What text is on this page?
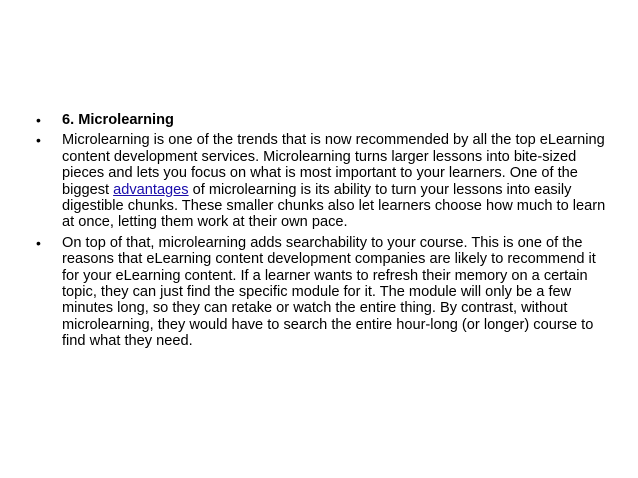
•	6. Microlearning
•	Microlearning is one of the trends that is now recommended by all the top eLearning content development services. Microlearning turns larger lessons into bite-sized pieces and lets you focus on what is most important to your learners. One of the biggest advantages of microlearning is its ability to turn your lessons into easily digestible chunks. These smaller chunks also let learners choose how much to learn at once, letting them work at their own pace.
•	On top of that, microlearning adds searchability to your course. This is one of the reasons that eLearning content development companies are likely to recommend it for your eLearning content. If a learner wants to refresh their memory on a certain topic, they can just find the specific module for it. The module will only be a few minutes long, so they can retake or watch the entire thing. By contrast, without microlearning, they would have to search the entire hour-long (or longer) course to find what they need.
